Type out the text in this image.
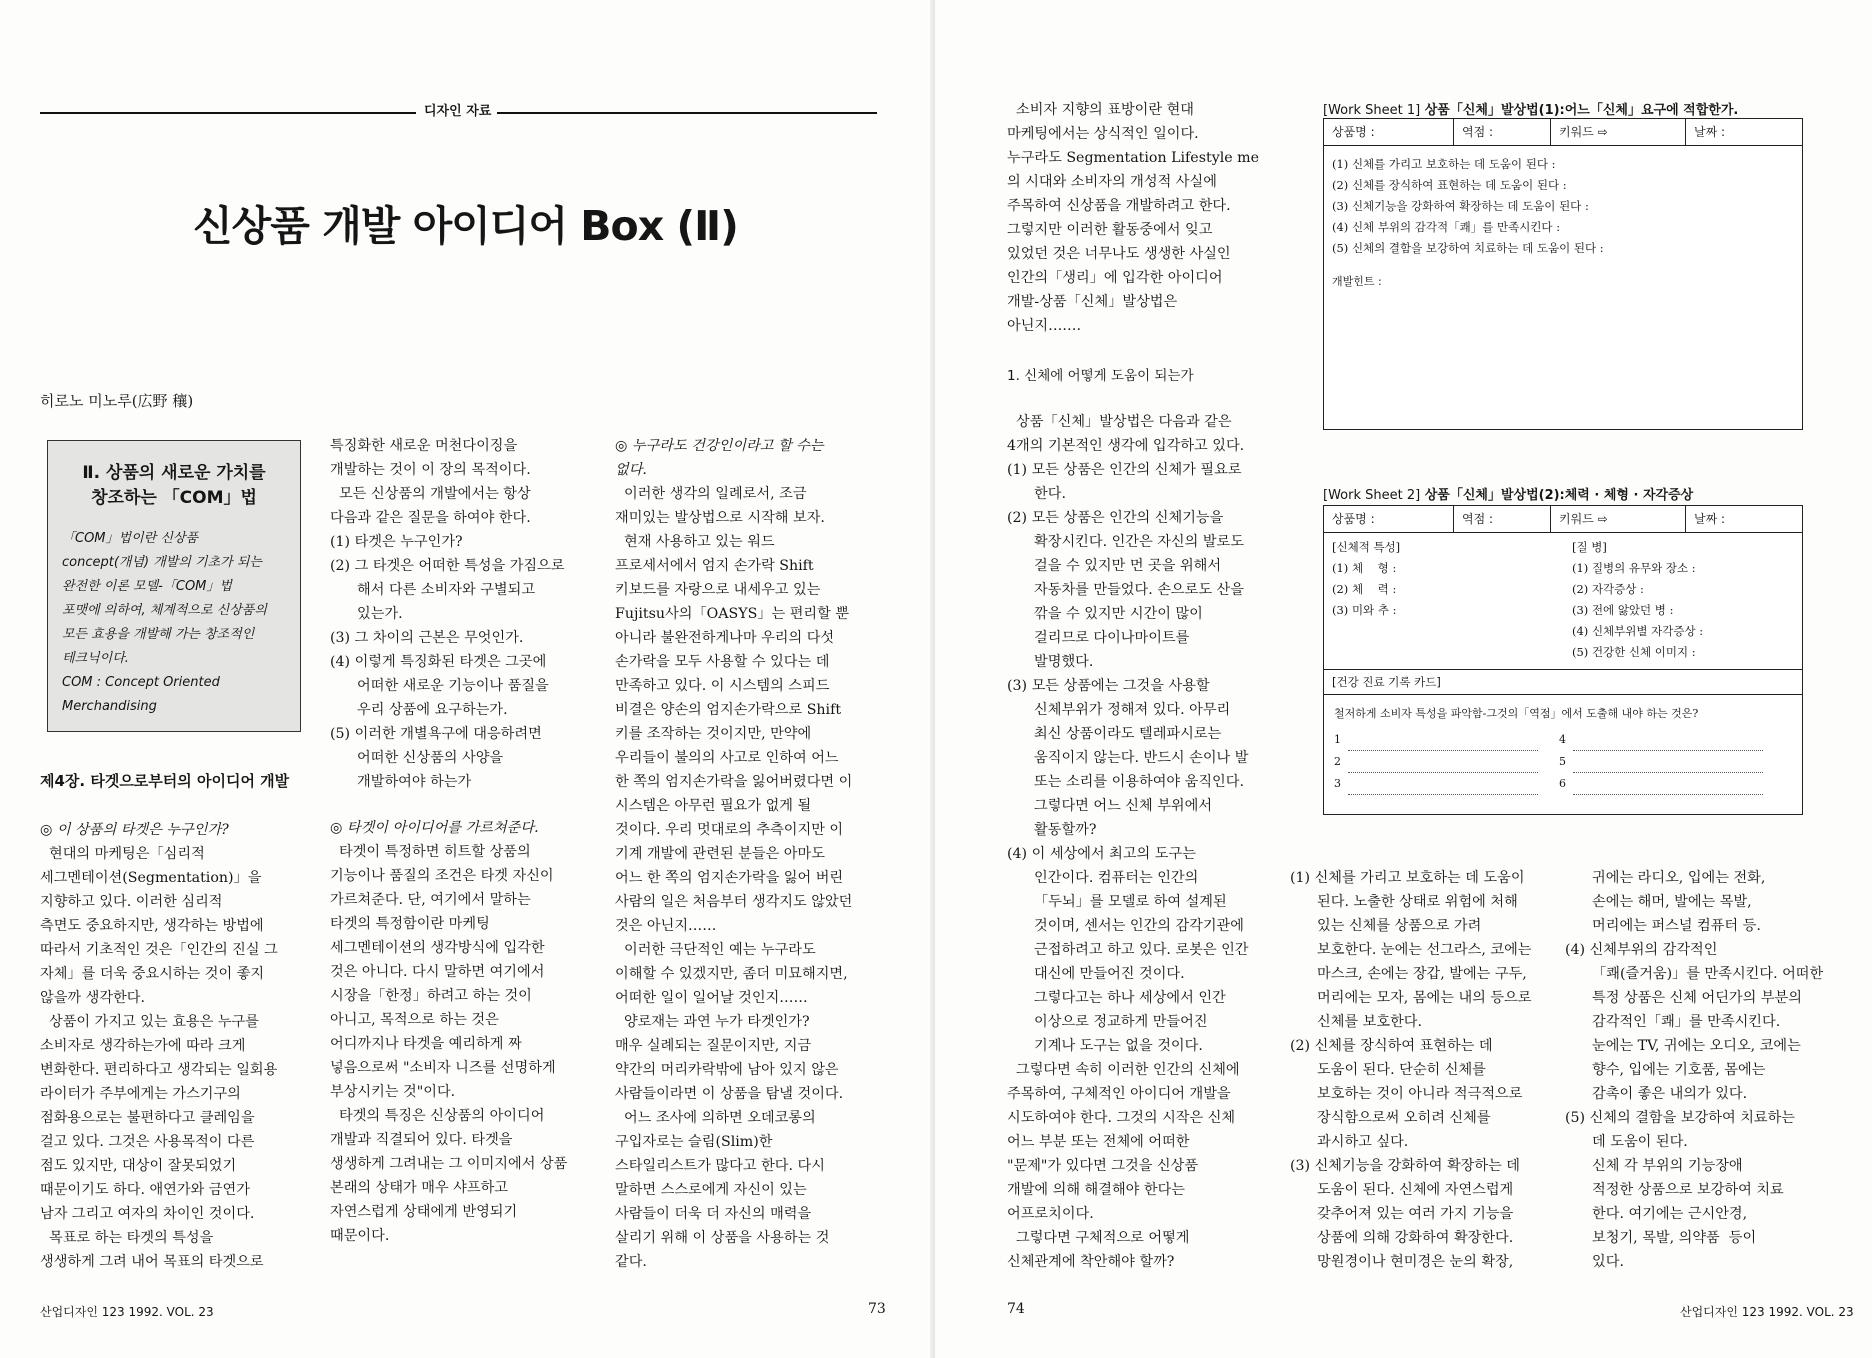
디자인 자료
신상품 개발 아이디어 Box (Ⅱ)
히로노 미노루(広野 穰)
Ⅱ. 상품의 새로운 가치를
창조하는 「COM」법

「COM」법이란 신상품

concept(개념) 개발의 기초가 되는

완전한 이론 모델-「COM」법

포맷에 의하여, 체계적으로 신상품의

모든 효용을 개발해 가는 창조적인

테크닉이다.

COM : Concept Oriented

Merchandising

제4장. 타겟으로부터의 아이디어 개발
◎ 이 상품의 타겟은 누구인가?

현대의 마케팅은「심리적

세그멘테이션(Segmentation)」을

지향하고 있다. 이러한 심리적

측면도 중요하지만, 생각하는 방법에

따라서 기초적인 것은「인간의 진실 그

자체」를 더욱 중요시하는 것이 좋지

않을까 생각한다.

상품이 가지고 있는 효용은 누구를

소비자로 생각하는가에 따라 크게

변화한다. 편리하다고 생각되는 일회용

라이터가 주부에게는 가스기구의

점화용으로는 불편하다고 클레임을

걸고 있다. 그것은 사용목적이 다른

점도 있지만, 대상이 잘못되었기

때문이기도 하다. 애연가와 금연가

남자 그리고 여자의 차이인 것이다.

목표로 하는 타겟의 특성을

생생하게 그려 내어 목표의 타겟으로

특징화한 새로운 머천다이징을

개발하는 것이 이 장의 목적이다.

모든 신상품의 개발에서는 항상

다음과 같은 질문을 하여야 한다.

(1) 타겟은 누구인가?

(2) 그 타겟은 어떠한 특성을 가짐으로

해서 다른 소비자와 구별되고

있는가.

(3) 그 차이의 근본은 무엇인가.

(4) 이렇게 특징화된 타겟은 그곳에

어떠한 새로운 기능이나 품질을

우리 상품에 요구하는가.

(5) 이러한 개별욕구에 대응하려면

어떠한 신상품의 사양을

개발하여야 하는가

◎ 타겟이 아이디어를 가르쳐준다.

타겟이 특정하면 히트할 상품의

기능이나 품질의 조건은 타겟 자신이

가르쳐준다. 단, 여기에서 말하는

타겟의 특정함이란 마케팅

세그멘테이션의 생각방식에 입각한

것은 아니다. 다시 말하면 여기에서

시장을「한정」하려고 하는 것이

아니고, 목적으로 하는 것은

어디까지나 타겟을 예리하게 짜

넣음으로써 "소비자 니즈를 선명하게

부상시키는 것"이다.

타겟의 특징은 신상품의 아이디어

개발과 직결되어 있다. 타겟을

생생하게 그려내는 그 이미지에서 상품

본래의 상태가 매우 샤프하고

자연스럽게 상태에게 반영되기

때문이다.

◎ 누구라도 건강인이라고 할 수는
없다.

이러한 생각의 일례로서, 조금

재미있는 발상법으로 시작해 보자.

현재 사용하고 있는 워드

프로세서에서 엄지 손가락 Shift

키보드를 자랑으로 내세우고 있는

Fujitsu사의「OASYS」는 편리할 뿐

아니라 불완전하게나마 우리의 다섯

손가락을 모두 사용할 수 있다는 데

만족하고 있다. 이 시스템의 스피드

비결은 양손의 엄지손가락으로 Shift

키를 조작하는 것이지만, 만약에

우리들이 불의의 사고로 인하여 어느

한 쪽의 엄지손가락을 잃어버렸다면 이

시스템은 아무런 필요가 없게 될

것이다. 우리 멋대로의 추측이지만 이

기계 개발에 관련된 분들은 아마도

어느 한 쪽의 엄지손가락을 잃어 버린

사람의 일은 처음부터 생각지도 않았던

것은 아닌지……

이러한 극단적인 예는 누구라도

이해할 수 있겠지만, 좀더 미묘해지면,

어떠한 일이 일어날 것인지……

양로재는 과연 누가 타겟인가?

매우 실례되는 질문이지만, 지금

약간의 머리카락밖에 남아 있지 않은

사람들이라면 이 상품을 탐낼 것이다.

어느 조사에 의하면 오데코롱의

구입자로는 슬림(Slim)한

스타일리스트가 많다고 한다. 다시

말하면 스스로에게 자신이 있는

사람들이 더욱 더 자신의 매력을

살리기 위해 이 상품을 사용하는 것

같다.

산업디자인 123 1992. VOL. 23	73

소비자 지향의 표방이란 현대

마케팅에서는 상식적인 일이다.

누구라도 Segmentation Lifestyle me

의 시대와 소비자의 개성적 사실에

주목하여 신상품을 개발하려고 한다.

그렇지만 이러한 활동중에서 잊고

있었던 것은 너무나도 생생한 사실인

인간의「생리」에 입각한 아이디어

개발-상품「신체」발상법은

아닌지…….

1. 신체에 어떻게 도움이 되는가

상품「신체」발상법은 다음과 같은

4개의 기본적인 생각에 입각하고 있다.

(1) 모든 상품은 인간의 신체가 필요로

한다.

(2) 모든 상품은 인간의 신체기능을

확장시킨다. 인간은 자신의 발로도

걸을 수 있지만 먼 곳을 위해서

자동차를 만들었다. 손으로도 산을

깎을 수 있지만 시간이 많이

걸리므로 다이나마이트를

발명했다.

(3) 모든 상품에는 그것을 사용할

신체부위가 정해져 있다. 아무리

최신 상품이라도 텔레파시로는

움직이지 않는다. 반드시 손이나 발

또는 소리를 이용하여야 움직인다.

그렇다면 어느 신체 부위에서

활동할까?

(4) 이 세상에서 최고의 도구는

인간이다. 컴퓨터는 인간의

「두뇌」를 모델로 하여 설계된

것이며, 센서는 인간의 감각기관에

근접하려고 하고 있다. 로봇은 인간

대신에 만들어진 것이다.

그렇다고는 하나 세상에서 인간

이상으로 정교하게 만들어진

기계나 도구는 없을 것이다.

그렇다면 속히 이러한 인간의 신체에

주목하여, 구체적인 아이디어 개발을

시도하여야 한다. 그것의 시작은 신체

어느 부분 또는 전체에 어떠한

"문제"가 있다면 그것을 신상품

개발에 의해 해결해야 한다는

어프로치이다.

그렇다면 구체적으로 어떻게

신체관계에 착안해야 할까?

(1) 신체를 가리고 보호하는 데 도움이

된다. 노출한 상태로 위험에 처해

있는 신체를 상품으로 가려

보호한다. 눈에는 선그라스, 코에는

마스크, 손에는 장갑, 발에는 구두,

머리에는 모자, 몸에는 내의 등으로

신체를 보호한다.

(2) 신체를 장식하여 표현하는 데

도움이 된다. 단순히 신체를

보호하는 것이 아니라 적극적으로

장식함으로써 오히려 신체를

과시하고 싶다.

(3) 신체기능을 강화하여 확장하는 데

도움이 된다. 신체에 자연스럽게

갖추어져 있는 여러 가지 기능을

상품에 의해 강화하여 확장한다.

망원경이나 현미경은 눈의 확장,

귀에는 라디오, 입에는 전화,

손에는 해머, 발에는 목발,

머리에는 퍼스널 컴퓨터 등.

(4) 신체부위의 감각적인

「쾌(즐거움)」를 만족시킨다. 어떠한

특정 상품은 신체 어딘가의 부분의

감각적인「쾌」를 만족시킨다.

눈에는 TV, 귀에는 오디오, 코에는

향수, 입에는 기호품, 몸에는

감촉이 좋은 내의가 있다.

(5) 신체의 결함을 보강하여 치료하는

데 도움이 된다.

신체 각 부위의 기능장애

적정한 상품으로 보강하여 치료

한다. 여기에는 근시안경,

보청기, 목발, 의약품  등이

있다.

[Work Sheet 1] 상품「신체」발상법(1):어느「신체」요구에 적합한가.
상품명 :	역점 :	키워드 ⇨	날짜 :

(1) 신체를 가리고 보호하는 데 도움이 된다 :

(2) 신체를 장식하여 표현하는 데 도움이 된다 :

(3) 신체기능을 강화하여 확장하는 데 도움이 된다 :

(4) 신체 부위의 감각적「쾌」를 만족시킨다 :

(5) 신체의 결함을 보강하여 치료하는 데 도움이 된다 :

개발힌트 :
[Work Sheet 2] 상품「신체」발상법(2):체력 · 체형 · 자각증상
상품명 :	역점 :	키워드 ⇨	날짜 :
[신체적 특성]

(1) 체    형 :

(2) 체    력 :

(3) 미와 추 :

[질 병]

(1) 질병의 유무와 장소 :

(2) 자각증상 :

(3) 전에 앓았던 병 :

(4) 신체부위별 자각증상 :

(5) 건강한 신체 이미지 :

[건강 진료 기록 카드]
철저하게 소비자 특성을 파악함-그것의「역점」에서 도출해 내야 하는 것은?
1
2
3
4
5
6
74	산업디자인 123 1992. VOL. 23
